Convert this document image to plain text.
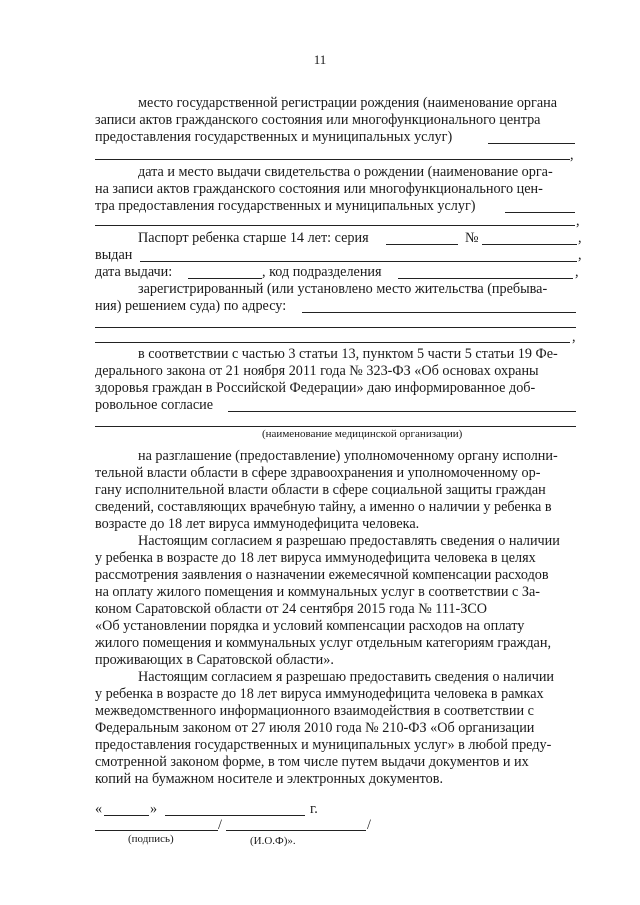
11
место государственной регистрации рождения (наименование органа
записи актов гражданского состояния или многофункционального центра
предоставления государственных и муниципальных услуг)
,
дата и место выдачи свидетельства о рождении (наименование орга-
на записи актов гражданского состояния или многофункционального цен-
тра предоставления государственных и муниципальных услуг)
,
Паспорт ребенка старше 14 лет: серия	№	,
выдан	,
дата выдачи:	, код подразделения	,
зарегистрированный (или установлено место жительства (пребыва-
ния) решением суда) по адресу:
,
в соответствии с частью 3 статьи 13, пунктом 5 части 5 статьи 19 Фе-
дерального закона от 21 ноября 2011 года № 323-ФЗ «Об основах охраны
здоровья граждан в Российской Федерации» даю информированное доб-
ровольное согласие
(наименование медицинской организации)
на разглашение (предоставление) уполномоченному органу исполни-
тельной власти области в сфере здравоохранения и уполномоченному ор-
гану исполнительной власти области в сфере социальной защиты граждан
сведений, составляющих врачебную тайну, а именно о наличии у ребенка в
возрасте до 18 лет вируса иммунодефицита человека.
Настоящим согласием я разрешаю предоставлять сведения о наличии
у ребенка в возрасте до 18 лет вируса иммунодефицита человека в целях
рассмотрения заявления о назначении ежемесячной компенсации расходов
на оплату жилого помещения и коммунальных услуг в соответствии с За-
коном Саратовской области от 24 сентября 2015 года № 111-ЗСО
«Об установлении порядка и условий компенсации расходов на оплату
жилого помещения и коммунальных услуг отдельным категориям граждан,
проживающих в Саратовской области».
Настоящим согласием я разрешаю предоставить сведения о наличии
у ребенка в возрасте до 18 лет вируса иммунодефицита человека в рамках
межведомственного информационного взаимодействия в соответствии с
Федеральным законом от 27 июля 2010 года № 210-ФЗ «Об организации
предоставления государственных и муниципальных услуг» в любой преду-
смотренной законом форме, в том числе путем выдачи документов и их
копий на бумажном носителе и электронных документов.
«	»	г.
/	/
(подпись)	(И.О.Ф)».
